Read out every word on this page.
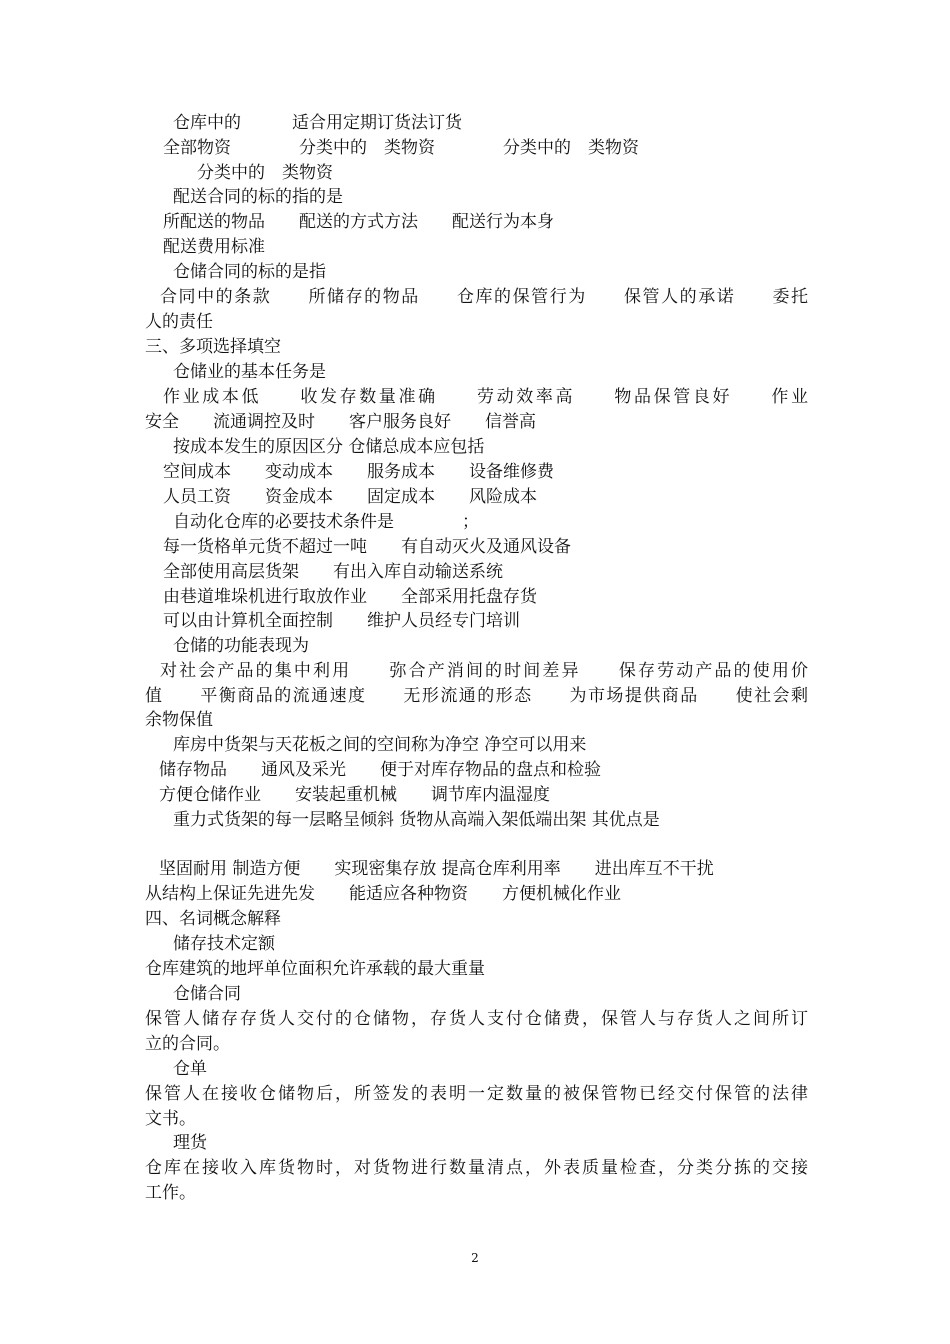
仓库中的　　　适合用定期订货法订货
全部物资　　　　分类中的　类物资　　　　分类中的　类物资
分类中的　类物资
配送合同的标的指的是
所配送的物品　　配送的方式方法　　配送行为本身
配送费用标准
仓储合同的标的是指
合同中的条款　　所储存的物品　　仓库的保管行为　　保管人的承诺　　委托
人的责任
三、多项选择填空
仓储业的基本任务是
作业成本低　　收发存数量准确　　劳动效率高　　物品保管良好　　作业
安全　　流通调控及时　　客户服务良好　　信誉高
按成本发生的原因区分 仓储总成本应包括
空间成本　　变动成本　　服务成本　　设备维修费
人员工资　　资金成本　　固定成本　　风险成本
自动化仓库的必要技术条件是　　　　；
每一货格单元货不超过一吨　　有自动灭火及通风设备
全部使用高层货架　　有出入库自动输送系统
由巷道堆垛机进行取放作业　　全部采用托盘存货
可以由计算机全面控制　　维护人员经专门培训
仓储的功能表现为
对社会产品的集中利用　　弥合产消间的时间差异　　保存劳动产品的使用价
值　　平衡商品的流通速度　　无形流通的形态　　为市场提供商品　　使社会剩
余物保值
库房中货架与天花板之间的空间称为净空 净空可以用来
储存物品　　通风及采光　　便于对库存物品的盘点和检验
方便仓储作业　　安装起重机械　　调节库内温湿度
重力式货架的每一层略呈倾斜 货物从高端入架低端出架 其优点是
坚固耐用 制造方便　　实现密集存放 提高仓库利用率　　进出库互不干扰
从结构上保证先进先发　　能适应各种物资　　方便机械化作业
四、名词概念解释
储存技术定额
仓库建筑的地坪单位面积允许承载的最大重量
仓储合同
保管人储存存货人交付的仓储物，存货人支付仓储费，保管人与存货人之间所订
立的合同。
仓单
保管人在接收仓储物后，所签发的表明一定数量的被保管物已经交付保管的法律
文书。
理货
仓库在接收入库货物时，对货物进行数量清点，外表质量检查，分类分拣的交接
工作。
2
